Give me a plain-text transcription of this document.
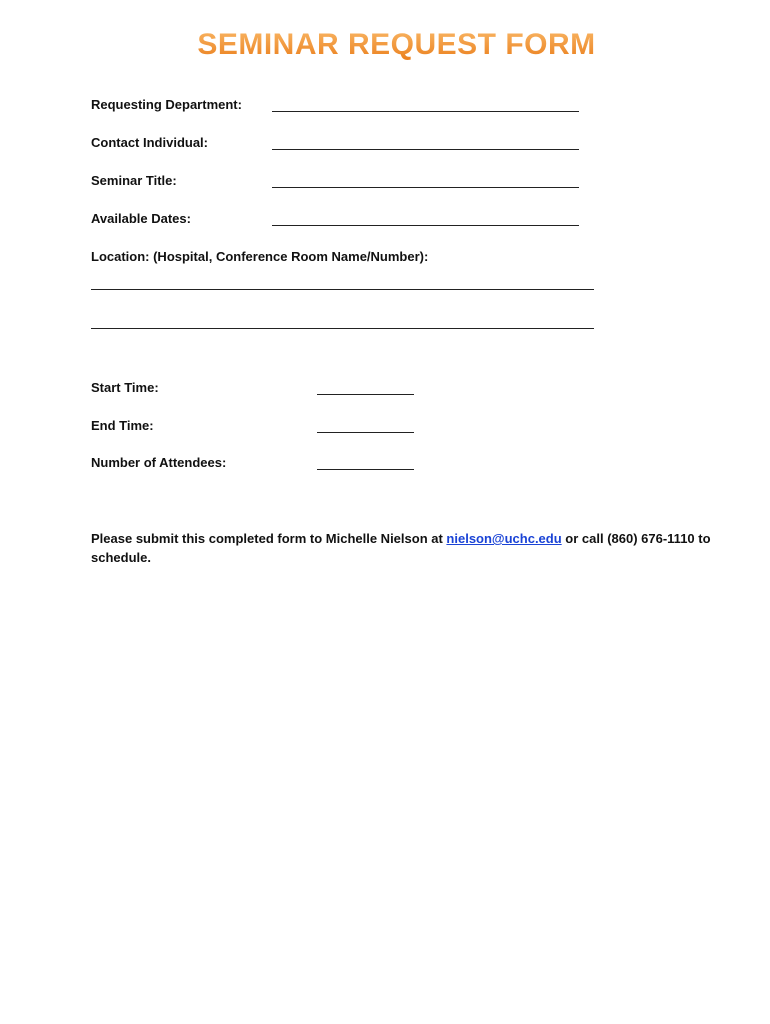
SEMINAR REQUEST FORM
Requesting Department:
Contact Individual:
Seminar Title:
Available Dates:
Location: (Hospital, Conference Room Name/Number):
Start Time:
End Time:
Number of Attendees:
Please submit this completed form to Michelle Nielson at nielson@uchc.edu or call (860) 676-1110 to schedule.
